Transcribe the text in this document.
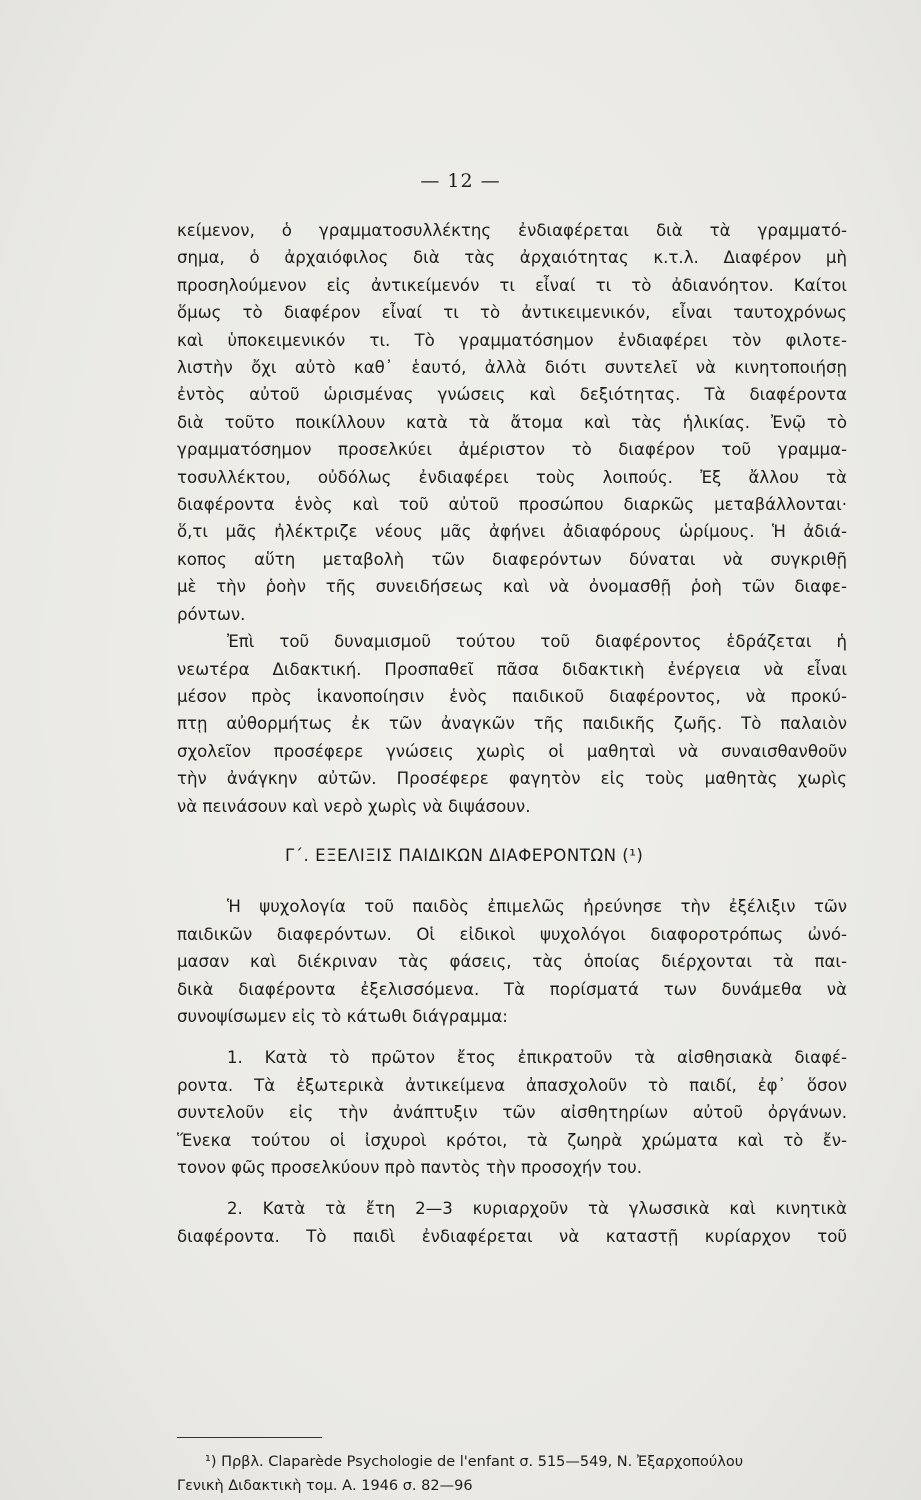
— 12 —
κείμενον, ὁ γραμματοσυλλέκτης ἐνδιαφέρεται διὰ τὰ γραμματό-
σημα, ὁ ἀρχαιόφιλος διὰ τὰς ἀρχαιότητας κ.τ.λ. Διαφέρον μὴ
προσηλούμενον εἰς ἀντικείμενόν τι εἶναί τι τὸ ἀδιανόητον. Καίτοι
ὅμως τὸ διαφέρον εἶναί τι τὸ ἀντικειμενικόν, εἶναι ταυτοχρόνως
καὶ ὑποκειμενικόν τι. Τὸ γραμματόσημον ἐνδιαφέρει τὸν φιλοτε-
λιστὴν ὄχι αὐτὸ καθ᾿ ἑαυτό, ἀλλὰ διότι συντελεῖ νὰ κινητοποιήσῃ
ἐντὸς αὐτοῦ ὡρισμένας γνώσεις καὶ δεξιότητας. Τὰ διαφέροντα
διὰ τοῦτο ποικίλλουν κατὰ τὰ ἄτομα καὶ τὰς ἡλικίας. Ἐνῷ τὸ
γραμματόσημον προσελκύει ἀμέριστον τὸ διαφέρον τοῦ γραμμα-
τοσυλλέκτου, οὐδόλως ἐνδιαφέρει τοὺς λοιπούς. Ἐξ ἄλλου τὰ
διαφέροντα ἑνὸς καὶ τοῦ αὐτοῦ προσώπου διαρκῶς μεταβάλλονται·
ὅ,τι μᾶς ἠλέκτριζε νέους μᾶς ἀφήνει ἀδιαφόρους ὡρίμους. Ἡ ἀδιά-
κοπος αὕτη μεταβολὴ τῶν διαφερόντων δύναται νὰ συγκριθῇ
μὲ τὴν ῥοὴν τῆς συνειδήσεως καὶ νὰ ὀνομασθῇ ῥοὴ τῶν διαφε-
ρόντων.
Ἐπὶ τοῦ δυναμισμοῦ τούτου τοῦ διαφέροντος ἑδράζεται ἡ
νεωτέρα Διδακτική. Προσπαθεῖ πᾶσα διδακτικὴ ἐνέργεια νὰ εἶναι
μέσον πρὸς ἱκανοποίησιν ἑνὸς παιδικοῦ διαφέροντος, νὰ προκύ-
πτῃ αὐθορμήτως ἐκ τῶν ἀναγκῶν τῆς παιδικῆς ζωῆς. Τὸ παλαιὸν
σχολεῖον προσέφερε γνώσεις χωρὶς οἱ μαθηταὶ νὰ συναισθανθοῦν
τὴν ἀνάγκην αὐτῶν. Προσέφερε φαγητὸν εἰς τοὺς μαθητὰς χωρὶς
νὰ πεινάσουν καὶ νερὸ χωρὶς νὰ διψάσουν.
Γ΄. ΕΞΕΛΙΞΙΣ ΠΑΙΔΙΚΩΝ ΔΙΑΦΕΡΟΝΤΩΝ (¹)
Ἡ ψυχολογία τοῦ παιδὸς ἐπιμελῶς ἠρεύνησε τὴν ἐξέλιξιν τῶν
παιδικῶν διαφερόντων. Οἱ εἰδικοὶ ψυχολόγοι διαφοροτρόπως ὠνό-
μασαν καὶ διέκριναν τὰς φάσεις, τὰς ὁποίας διέρχονται τὰ παι-
δικὰ διαφέροντα ἐξελισσόμενα. Τὰ πορίσματά των δυνάμεθα νὰ
συνοψίσωμεν εἰς τὸ κάτωθι διάγραμμα:
1. Κατὰ τὸ πρῶτον ἔτος ἐπικρατοῦν τὰ αἰσθησιακὰ διαφέ-
ροντα. Τὰ ἐξωτερικὰ ἀντικείμενα ἀπασχολοῦν τὸ παιδί, ἐφ᾿ ὅσον
συντελοῦν εἰς τὴν ἀνάπτυξιν τῶν αἰσθητηρίων αὐτοῦ ὀργάνων.
Ἕνεκα τούτου οἱ ἰσχυροὶ κρότοι, τὰ ζωηρὰ χρώματα καὶ τὸ ἔν-
τονον φῶς προσελκύουν πρὸ παντὸς τὴν προσοχήν του.
2. Κατὰ τὰ ἔτη 2—3 κυριαρχοῦν τὰ γλωσσικὰ καὶ κινητικὰ
διαφέροντα. Τὸ παιδὶ ἐνδιαφέρεται νὰ καταστῇ κυρίαρχον τοῦ
¹) Πρβλ. Claparède Psychologie de l'enfant σ. 515—549, Ν. Ἐξαρχοπούλου
Γενικὴ Διδακτικὴ τομ. Α. 1946 σ. 82—96
